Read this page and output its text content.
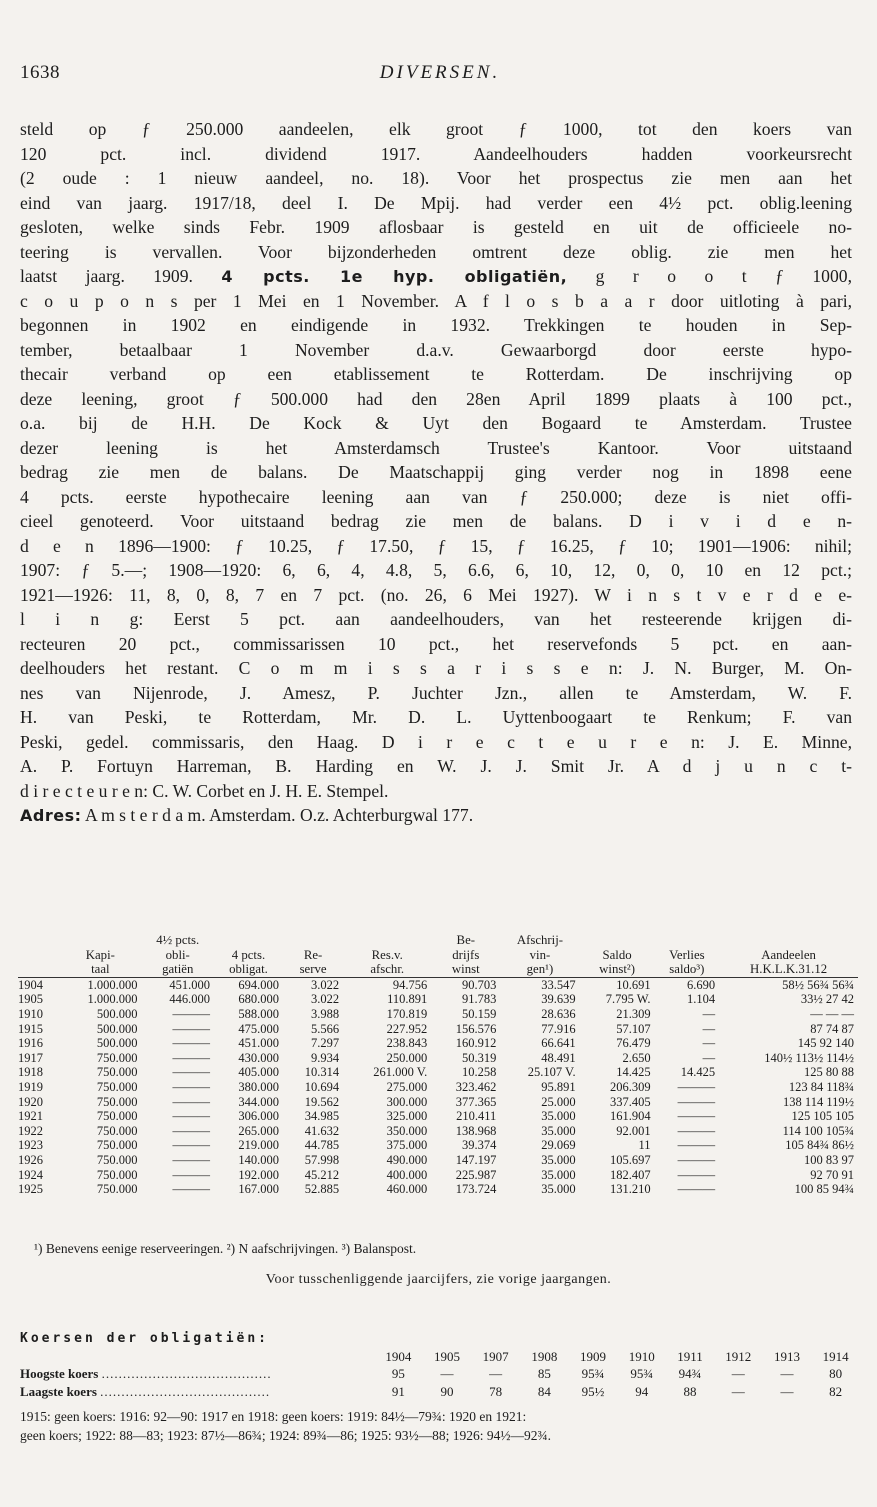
1638	DIVERSEN.
steld op ƒ 250.000 aandeelen, elk groot ƒ 1000, tot den koers van
120 pct. incl. dividend 1917. Aandeelhouders hadden voorkeursrecht
(2 oude : 1 nieuw aandeel, no. 18). Voor het prospectus zie men aan het
eind van jaarg. 1917/18, deel I. De Mpij. had verder een 4½ pct. oblig.leening
gesloten, welke sinds Febr. 1909 aflosbaar is gesteld en uit de officieele no-
teering is vervallen. Voor bijzonderheden omtrent deze oblig. zie men het
laatst jaarg. 1909. 4 pcts. 1e hyp. obligatiën, g r o o t ƒ 1000,
c o u p o n s per 1 Mei en 1 November. A f l o s b a a r door uitloting à pari,
begonnen in 1902 en eindigende in 1932. Trekkingen te houden in Sep-
tember, betaalbaar 1 November d.a.v. Gewaarborgd door eerste hypo-
thecair verband op een etablissement te Rotterdam. De inschrijving op
deze leening, groot ƒ 500.000 had den 28en April 1899 plaats à 100 pct.,
o.a. bij de H.H. De Kock & Uyt den Bogaard te Amsterdam. Trustee
dezer leening is het Amsterdamsch Trustee's Kantoor. Voor uitstaand
bedrag zie men de balans. De Maatschappij ging verder nog in 1898 eene
4 pcts. eerste hypothecaire leening aan van ƒ 250.000; deze is niet offi-
cieel genoteerd. Voor uitstaand bedrag zie men de balans. D i v i d e n-
d e n 1896—1900: ƒ 10.25, ƒ 17.50, ƒ 15, ƒ 16.25, ƒ 10; 1901—1906: nihil;
1907: ƒ 5.—; 1908—1920: 6, 6, 4, 4.8, 5, 6.6, 6, 10, 12, 0, 0, 10 en 12 pct.;
1921—1926: 11, 8, 0, 8, 7 en 7 pct. (no. 26, 6 Mei 1927). W i n s t v e r d e e-
l i n g: Eerst 5 pct. aan aandeelhouders, van het resteerende krijgen di-
recteuren 20 pct., commissarissen 10 pct., het reservefonds 5 pct. en aan-
deelhouders het restant. C o m m i s s a r i s s e n: J. N. Burger, M. On-
nes van Nijenrode, J. Amesz, P. Juchter Jzn., allen te Amsterdam, W. F.
H. van Peski, te Rotterdam, Mr. D. L. Uyttenboogaart te Renkum; F. van
Peski, gedel. commissaris, den Haag. D i r e c t e u r e n: J. E. Minne,
A. P. Fortuyn Harreman, B. Harding en W. J. J. Smit Jr. A d j u n c t-
d i r e c t e u r e n: C. W. Corbet en J. H. E. Stempel.
Adres: A m s t e r d a m. Amsterdam. O.z. Achterburgwal 177.
		4½ pcts.				Be-	Afschrij-			
	Kapi-	obli-	4 pcts.	Re-	Res.v.	drijfs	vin-	Saldo	Verlies	Aandeelen
	taal	gatiën	obligat.	serve	afschr.	winst	gen¹)	winst²)	saldo³)	H.K.L.K.31.12
1904	1.000.000	451.000	694.000	3.022	94.756	90.703	33.547	10.691	6.690	58½ 56¾ 56¾
1905	1.000.000	446.000	680.000	3.022	110.891	91.783	39.639	7.795 W.	1.104	33½ 27 42
1910	500.000	———	588.000	3.988	170.819	50.159	28.636	21.309	—	— — —
1915	500.000	———	475.000	5.566	227.952	156.576	77.916	57.107	—	87 74 87
1916	500.000	———	451.000	7.297	238.843	160.912	66.641	76.479	—	145 92 140
1917	750.000	———	430.000	9.934	250.000	50.319	48.491	2.650	—	140½ 113½ 114½
1918	750.000	———	405.000	10.314	261.000 V.	10.258	25.107 V.	14.425	14.425	125 80 88
1919	750.000	———	380.000	10.694	275.000	323.462	95.891	206.309	———	123 84 118¾
1920	750.000	———	344.000	19.562	300.000	377.365	25.000	337.405	———	138 114 119½
1921	750.000	———	306.000	34.985	325.000	210.411	35.000	161.904	———	125 105 105
1922	750.000	———	265.000	41.632	350.000	138.968	35.000	92.001	———	114 100 105¾
1923	750.000	———	219.000	44.785	375.000	39.374	29.069	11	———	105 84¾ 86½
1926	750.000	———	140.000	57.998	490.000	147.197	35.000	105.697	———	100 83 97
1924	750.000	———	192.000	45.212	400.000	225.987	35.000	182.407	———	92 70 91
1925	750.000	———	167.000	52.885	460.000	173.724	35.000	131.210	———	100 85 94¾
¹) Benevens eenige reserveeringen. ²) N aafschrijvingen. ³) Balanspost.
Voor tusschenliggende jaarcijfers, zie vorige jaargangen.
Koersen der obligatiën:										
	1904	1905	1907	1908	1909	1910	1911	1912	1913	1914
Hoogste koers ........................................	95	—	—	85	95¾	95¾	94¾	—	—	80
Laagste koers ........................................	91	90	78	84	95½	94	88	—	—	82
1915: geen koers: 1916: 92—90: 1917 en 1918: geen koers: 1919: 84½—79¾: 1920 en 1921:
geen koers; 1922: 88—83; 1923: 87½—86¾; 1924: 89¾—86; 1925: 93½—88; 1926: 94½—92¾.
